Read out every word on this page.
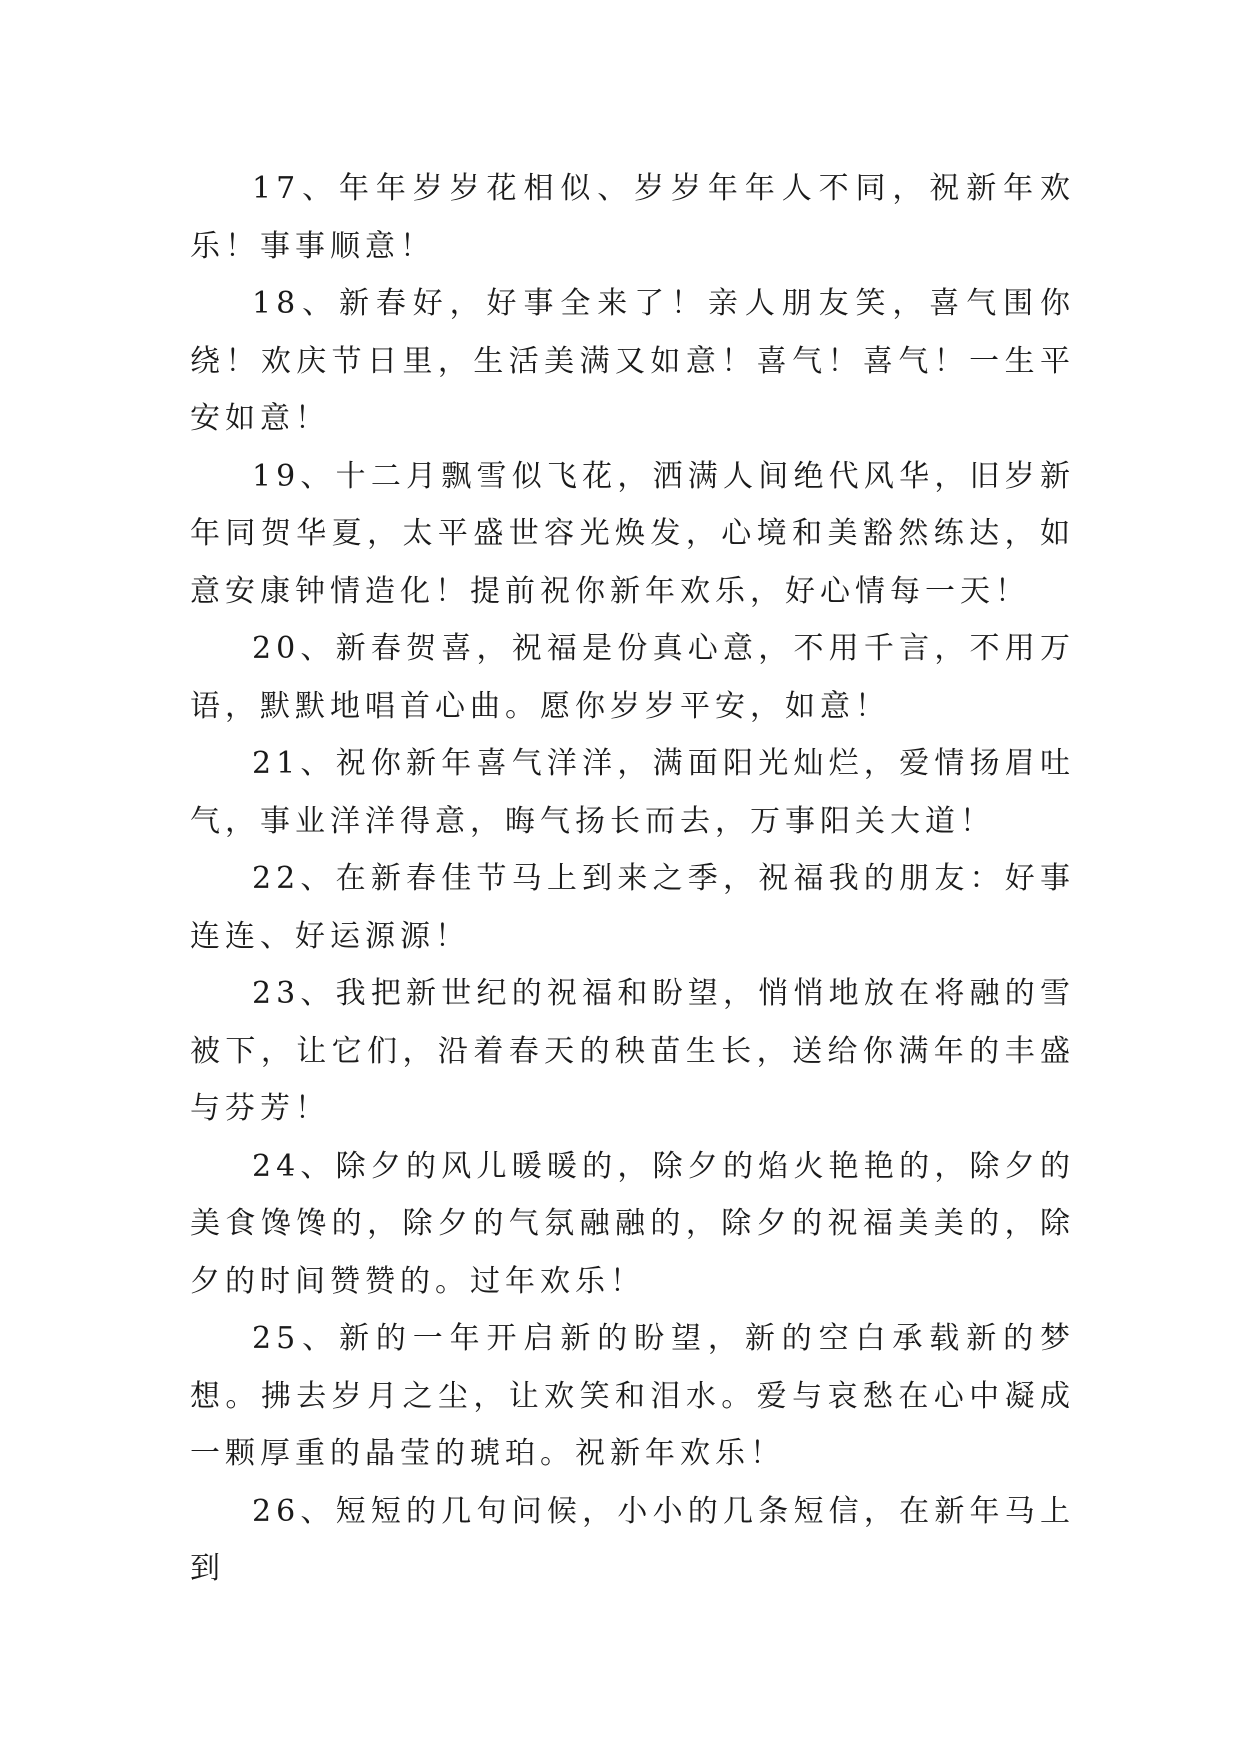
17、年年岁岁花相似、岁岁年年人不同，祝新年欢乐！事事顺意！

18、新春好，好事全来了！亲人朋友笑，喜气围你绕！欢庆节日里，生活美满又如意！喜气！喜气！一生平安如意！

19、十二月飘雪似飞花，洒满人间绝代风华，旧岁新年同贺华夏，太平盛世容光焕发，心境和美豁然练达，如意安康钟情造化！提前祝你新年欢乐，好心情每一天！

20、新春贺喜，祝福是份真心意，不用千言，不用万语，默默地唱首心曲。愿你岁岁平安，如意！

21、祝你新年喜气洋洋，满面阳光灿烂，爱情扬眉吐气，事业洋洋得意，晦气扬长而去，万事阳关大道！

22、在新春佳节马上到来之季，祝福我的朋友：好事连连、好运源源！

23、我把新世纪的祝福和盼望，悄悄地放在将融的雪被下，让它们，沿着春天的秧苗生长，送给你满年的丰盛与芬芳！

24、除夕的风儿暖暖的，除夕的焰火艳艳的，除夕的美食馋馋的，除夕的气氛融融的，除夕的祝福美美的，除夕的时间赞赞的。过年欢乐！

25、新的一年开启新的盼望，新的空白承载新的梦想。拂去岁月之尘，让欢笑和泪水。爱与哀愁在心中凝成一颗厚重的晶莹的琥珀。祝新年欢乐！

26、短短的几句问候，小小的几条短信，在新年马上到
